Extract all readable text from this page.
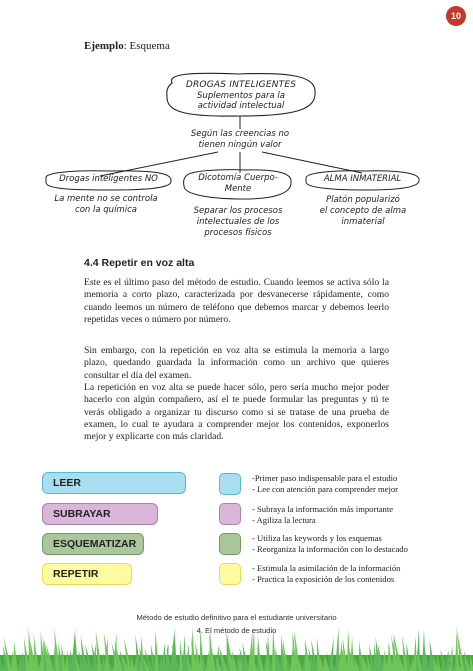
10
Ejemplo: Esquema
DROGAS INTELIGENTES
Suplementos para la
actividad intelectual
Según las creencias no
tienen ningún valor
Drogas inteligentes NO
La mente no se controla
con la química
Dicotomía Cuerpo-
Mente
Separar los procesos
intelectuales de los
procesos físicos
ALMA INMATERIAL
Platón popularizó
el concepto de alma
inmaterial
4.4 Repetir en voz alta
Este es el último paso del método de estudio. Cuando leemos se activa sólo la memoria a corto plazo, caracterizada por desvanecerse rápidamente, como cuando leemos un número de teléfono que debemos marcar y debemos leerlo repetidas veces o número por número.
Sin embargo, con la repetición en voz alta se estimula la memoria a largo plazo, quedando guardada la información como un archivo que quieres consultar el día del examen.
La repetición en voz alta se puede hacer sólo, pero sería mucho mejor poder hacerlo con algún compañero, así el te puede formular las preguntas y tú te verás obligado a organizar tu discurso como si se tratase de una prueba de examen, lo cual te ayudara a comprender mejor los contenidos, exponerlos mejor y explicarte con más claridad.
LEER
SUBRAYAR
ESQUEMATIZAR
REPETIR
-Primer paso indispensable para el estudio
- Lee con atención para comprender mejor
- Subraya la información más importante
- Agiliza la lectura
- Utiliza las keywords y los esquemas
- Reorganiza la información con lo destacado
- Estimula la asimilación de la información
- Practica la exposición de los contenidos
Método de estudio definitivo para el estudiante universitario
4. El método de estudio
